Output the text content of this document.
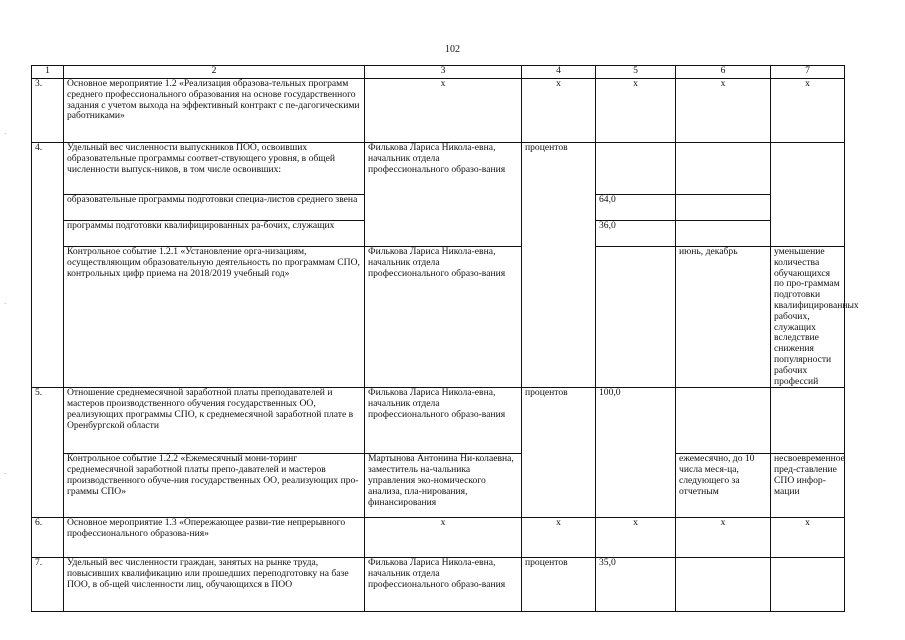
102
·
·
·
1	2	3	4	5	6	7
3.	Основное мероприятие 1.2 «Реализация образова-тельных программ среднего профессионального образования на основе государственного задания с учетом выхода на эффективный контракт с пе-дагогическими работниками»	х	х	х	х	х
4.	Удельный вес численности выпускников ПОО, освоивших образовательные программы соответ-ствующего уровня, в общей численности выпуск-ников, в том числе освоивших:	Филькова Лариса Никола-евна, начальник отдела профессионального образо-вания	процентов			
	образовательные программы подготовки специа-листов среднего звена			64,0		
	программы подготовки квалифицированных ра-бочих, служащих			36,0		
	Контрольное событие 1.2.1 «Установление орга-низациям, осуществляющим образовательную деятельность по программам СПО, контрольных цифр приема на 2018/2019 учебный год»	Филькова Лариса Никола-евна, начальник отдела профессионального образо-вания			июнь, декабрь	уменьшение количества обучающихся по про-граммам подготовки квалифицированных рабочих, служащих вследствие снижения популярности рабочих профессий
5.	Отношение среднемесячной заработной платы преподавателей и мастеров производственного обучения государственных ОО, реализующих программы СПО, к среднемесячной заработной плате в Оренбургской области	Филькова Лариса Никола-евна, начальник отдела профессионального образо-вания	процентов	100,0		
	Контрольное событие 1.2.2 «Ежемесячный мони-торинг среднемесячной заработной платы препо-давателей и мастеров производственного обуче-ния государственных ОО, реализующих про-граммы СПО»	Мартынова Антонина Ни-колаевна, заместитель на-чальника управления эко-номического анализа, пла-нирования, финансирования			ежемесячно, до 10 числа меся-ца, следующего за отчетным	несвоевременное пред-ставление СПО инфор-мации
6.	Основное мероприятие 1.3 «Опережающее разви-тие непрерывного профессионального образова-ния»	х	х	х	х	х
7.	Удельный вес численности граждан, занятых на рынке труда, повысивших квалификацию или прошедших переподготовку на базе ПОО, в об-щей численности лиц, обучающихся в ПОО	Филькова Лариса Никола-евна, начальник отдела профессионального образо-вания	процентов	35,0		
